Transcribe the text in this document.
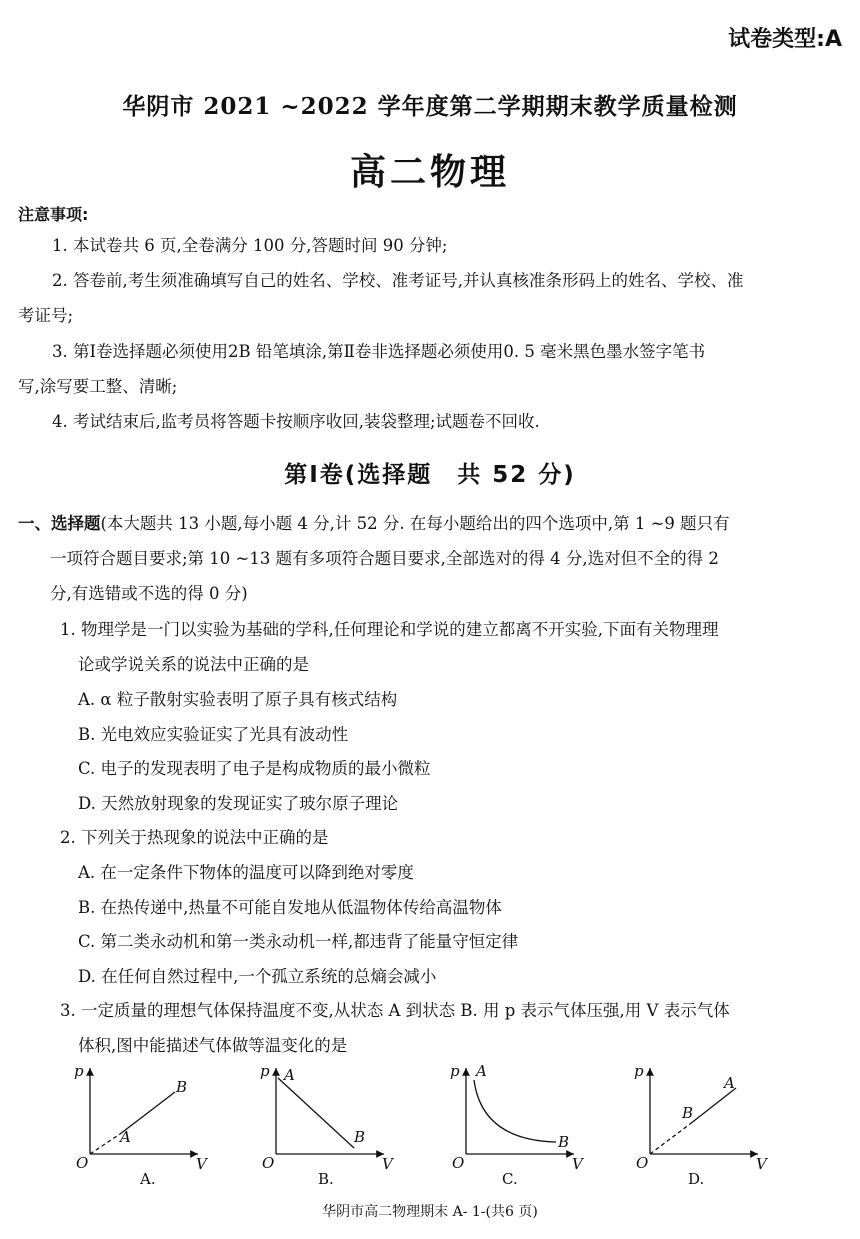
试卷类型:A
华阴市 2021 ~2022 学年度第二学期期末教学质量检测
高二物理
注意事项:
1. 本试卷共 6 页,全卷满分 100 分,答题时间 90 分钟;
2. 答卷前,考生须准确填写自己的姓名、学校、准考证号,并认真核准条形码上的姓名、学校、准
考证号;
3. 第Ⅰ卷选择题必须使用2B 铅笔填涂,第Ⅱ卷非选择题必须使用0. 5 毫米黑色墨水签字笔书
写,涂写要工整、清晰;
4. 考试结束后,监考员将答题卡按顺序收回,装袋整理;试题卷不回收.
第Ⅰ卷(选择题　共 52 分)
一、选择题(本大题共 13 小题,每小题 4 分,计 52 分. 在每小题给出的四个选项中,第 1 ~9 题只有
一项符合题目要求;第 10 ~13 题有多项符合题目要求,全部选对的得 4 分,选对但不全的得 2
分,有选错或不选的得 0 分)
1. 物理学是一门以实验为基础的学科,任何理论和学说的建立都离不开实验,下面有关物理理
论或学说关系的说法中正确的是
A. α 粒子散射实验表明了原子具有核式结构
B. 光电效应实验证实了光具有波动性
C. 电子的发现表明了电子是构成物质的最小微粒
D. 天然放射现象的发现证实了玻尔原子理论
2. 下列关于热现象的说法中正确的是
A. 在一定条件下物体的温度可以降到绝对零度
B. 在热传递中,热量不可能自发地从低温物体传给高温物体
C. 第二类永动机和第一类永动机一样,都违背了能量守恒定律
D. 在任何自然过程中,一个孤立系统的总熵会减小
3. 一定质量的理想气体保持温度不变,从状态 A 到状态 B. 用 p 表示气体压强,用 V 表示气体
体积,图中能描述气体做等温变化的是
p
V
O
A
B
A.
p
V
O
A
B
B.
p
V
O
A
B
C.
p
V
O
B
A
D.
华阴市高二物理期末 A- 1-(共6 页)
